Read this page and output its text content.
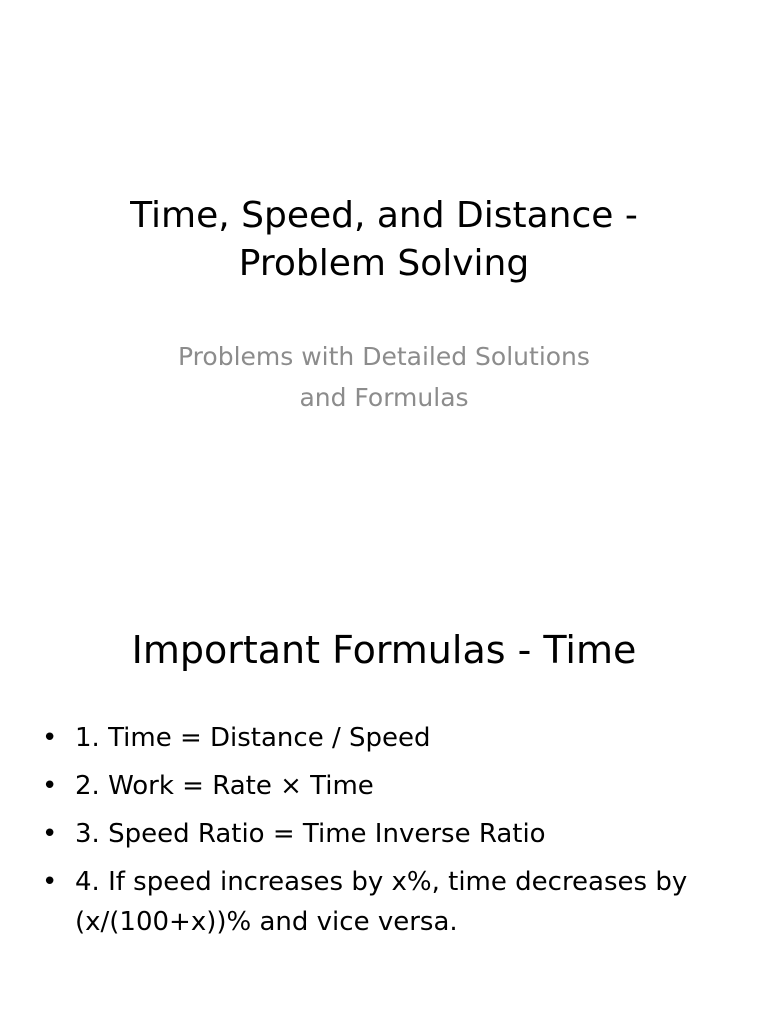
Time, Speed, and Distance -
Problem Solving

Problems with Detailed Solutions
and Formulas

Important Formulas - Time
• 1. Time = Distance / Speed
• 2. Work = Rate × Time
• 3. Speed Ratio = Time Inverse Ratio
• 4. If speed increases by x%, time decreases by (x/(100+x))% and vice versa.
